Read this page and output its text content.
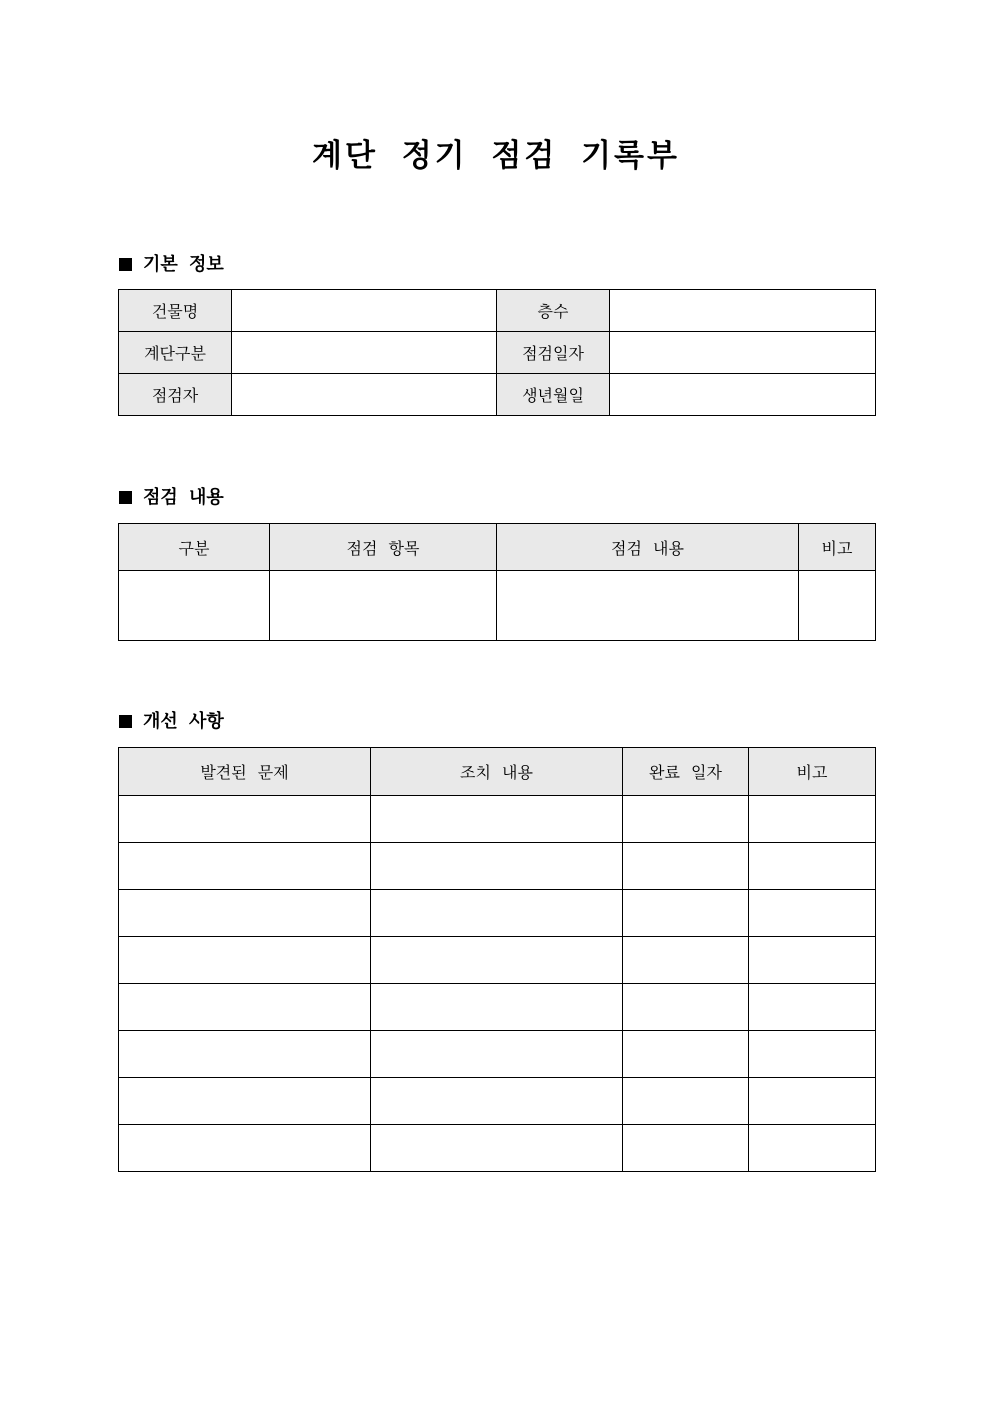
계단 정기 점검 기록부
기본 정보
건물명		층수	
계단구분		점검일자	
점검자		생년월일	
점검 내용
구분	점검 항목	점검 내용	비고

개선 사항
발견된 문제	조치 내용	완료 일자	비고
